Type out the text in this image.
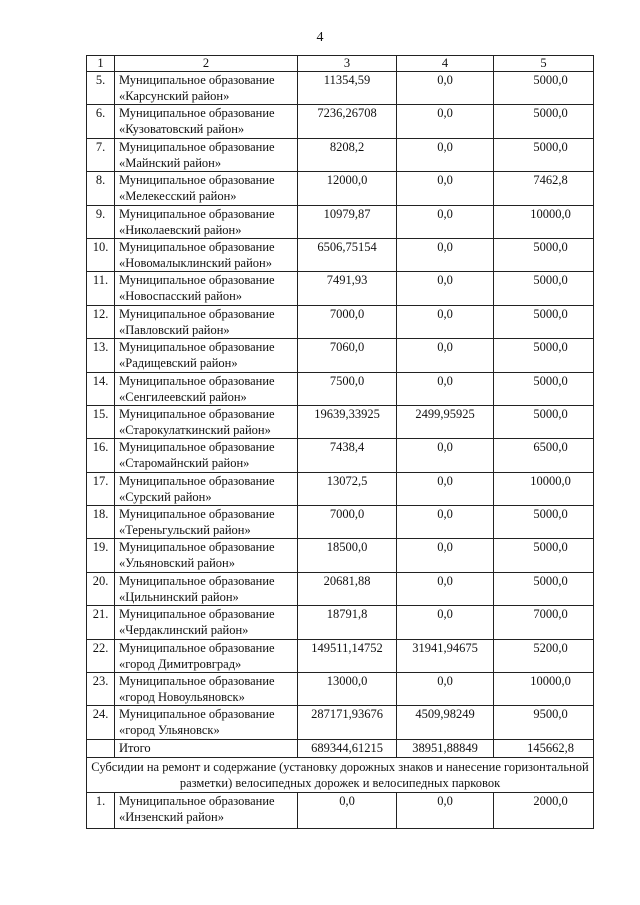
4
1	2	3	4	5
5.	Муниципальное образование
«Карсунский район»	11354,59	0,0	5000,0
6.	Муниципальное образование
«Кузоватовский район»	7236,26708	0,0	5000,0
7.	Муниципальное образование
«Майнский район»	8208,2	0,0	5000,0
8.	Муниципальное образование
«Мелекесский район»	12000,0	0,0	7462,8
9.	Муниципальное образование
«Николаевский район»	10979,87	0,0	10000,0
10.	Муниципальное образование
«Новомалыклинский район»	6506,75154	0,0	5000,0
11.	Муниципальное образование
«Новоспасский район»	7491,93	0,0	5000,0
12.	Муниципальное образование
«Павловский район»	7000,0	0,0	5000,0
13.	Муниципальное образование
«Радищевский район»	7060,0	0,0	5000,0
14.	Муниципальное образование
«Сенгилеевский район»	7500,0	0,0	5000,0
15.	Муниципальное образование
«Старокулаткинский район»	19639,33925	2499,95925	5000,0
16.	Муниципальное образование
«Старомайнский район»	7438,4	0,0	6500,0
17.	Муниципальное образование
«Сурский район»	13072,5	0,0	10000,0
18.	Муниципальное образование
«Тереньгульский район»	7000,0	0,0	5000,0
19.	Муниципальное образование
«Ульяновский район»	18500,0	0,0	5000,0
20.	Муниципальное образование
«Цильнинский район»	20681,88	0,0	5000,0
21.	Муниципальное образование
«Чердаклинский район»	18791,8	0,0	7000,0
22.	Муниципальное образование
«город Димитровград»	149511,14752	31941,94675	5200,0
23.	Муниципальное образование
«город Новоульяновск»	13000,0	0,0	10000,0
24.	Муниципальное образование
«город Ульяновск»	287171,93676	4509,98249	9500,0
	Итого	689344,61215	38951,88849	145662,8
Субсидии на ремонт и содержание (установку дорожных знаков и нанесение горизонтальной разметки) велосипедных дорожек и велосипедных парковок				
1.	Муниципальное образование
«Инзенский район»	0,0	0,0	2000,0
